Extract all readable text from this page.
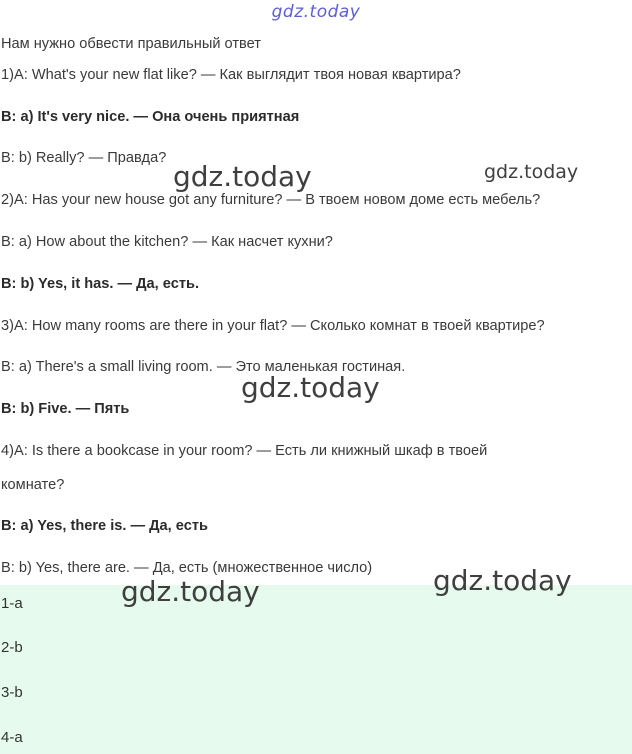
gdz.today
Нам нужно обвести правильный ответ
1)A: What's your new flat like? — Как выглядит твоя новая квартира?
B: a) It's very nice. — Она очень приятная
B: b) Really? — Правда?
2)A: Has your new house got any furniture? — В твоем новом доме есть мебель?
B: a) How about the kitchen? — Как насчет кухни?
B: b) Yes, it has. — Да, есть.
3)A: How many rooms are there in your flat? — Сколько комнат в твоей квартире?
B: a) There's a small living room. — Это маленькая гостиная.
B: b) Five. — Пять
4)A: Is there a bookcase in your room? — Есть ли книжный шкаф в твоей
комнате?
B: a) Yes, there is. — Да, есть
B: b) Yes, there are. — Да, есть (множественное число)
1-a
2-b
3-b
4-a
gdz.today	gdz.today
gdz.today
gdz.today
gdz.today
